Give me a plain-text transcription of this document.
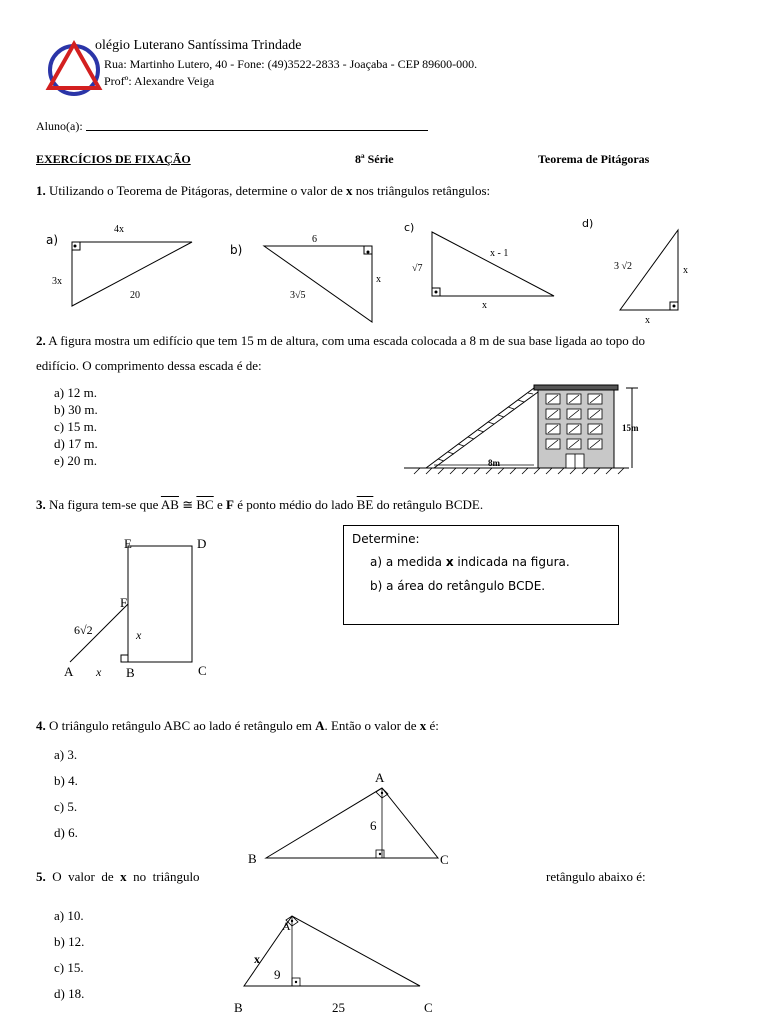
olégio Luterano Santíssima Trindade
Rua: Martinho Lutero, 40 - Fone: (49)3522-2833 - Joaçaba - CEP 89600-000.
Profº: Alexandre Veiga
Aluno(a):
EXERCÍCIOS DE FIXAÇÃO	8ª Série	Teorema de Pitágoras
1. Utilizando o Teorema de Pitágoras, determine o valor de x nos triângulos retângulos:
a)
4x
3x
20
b)
6
x
3√5
c)
√7
x - 1
x
d)
3 √2	x
x
2. A figura mostra um edifício que tem 15 m de altura, com uma escada colocada a 8 m de sua base ligada ao topo do
edifício. O comprimento dessa escada é de:
a) 12 m.
b) 30 m.
c) 15 m.
d) 17 m.
e) 20 m.
15m
8m
3. Na figura tem-se que $\overline{AB}$ ≅ $\overline{BC}$ e F é ponto médio do lado $\overline{BE}$ do retângulo BCDE.
E	D
F
A	B	C
6√2	x
x
Determine:
a) a medida x indicada na figura.
b) a área do retângulo BCDE.
4. O triângulo retângulo ABC ao lado é retângulo em A. Então o valor de x é:
a) 3.
b) 4.
c) 5.
d) 6.
A
B	C
6
5.  O  valor  de  x  no  triângulo	retângulo abaixo é:
a) 10.
b) 12.
c) 15.
d) 18.
A
B	C
x
9
25
